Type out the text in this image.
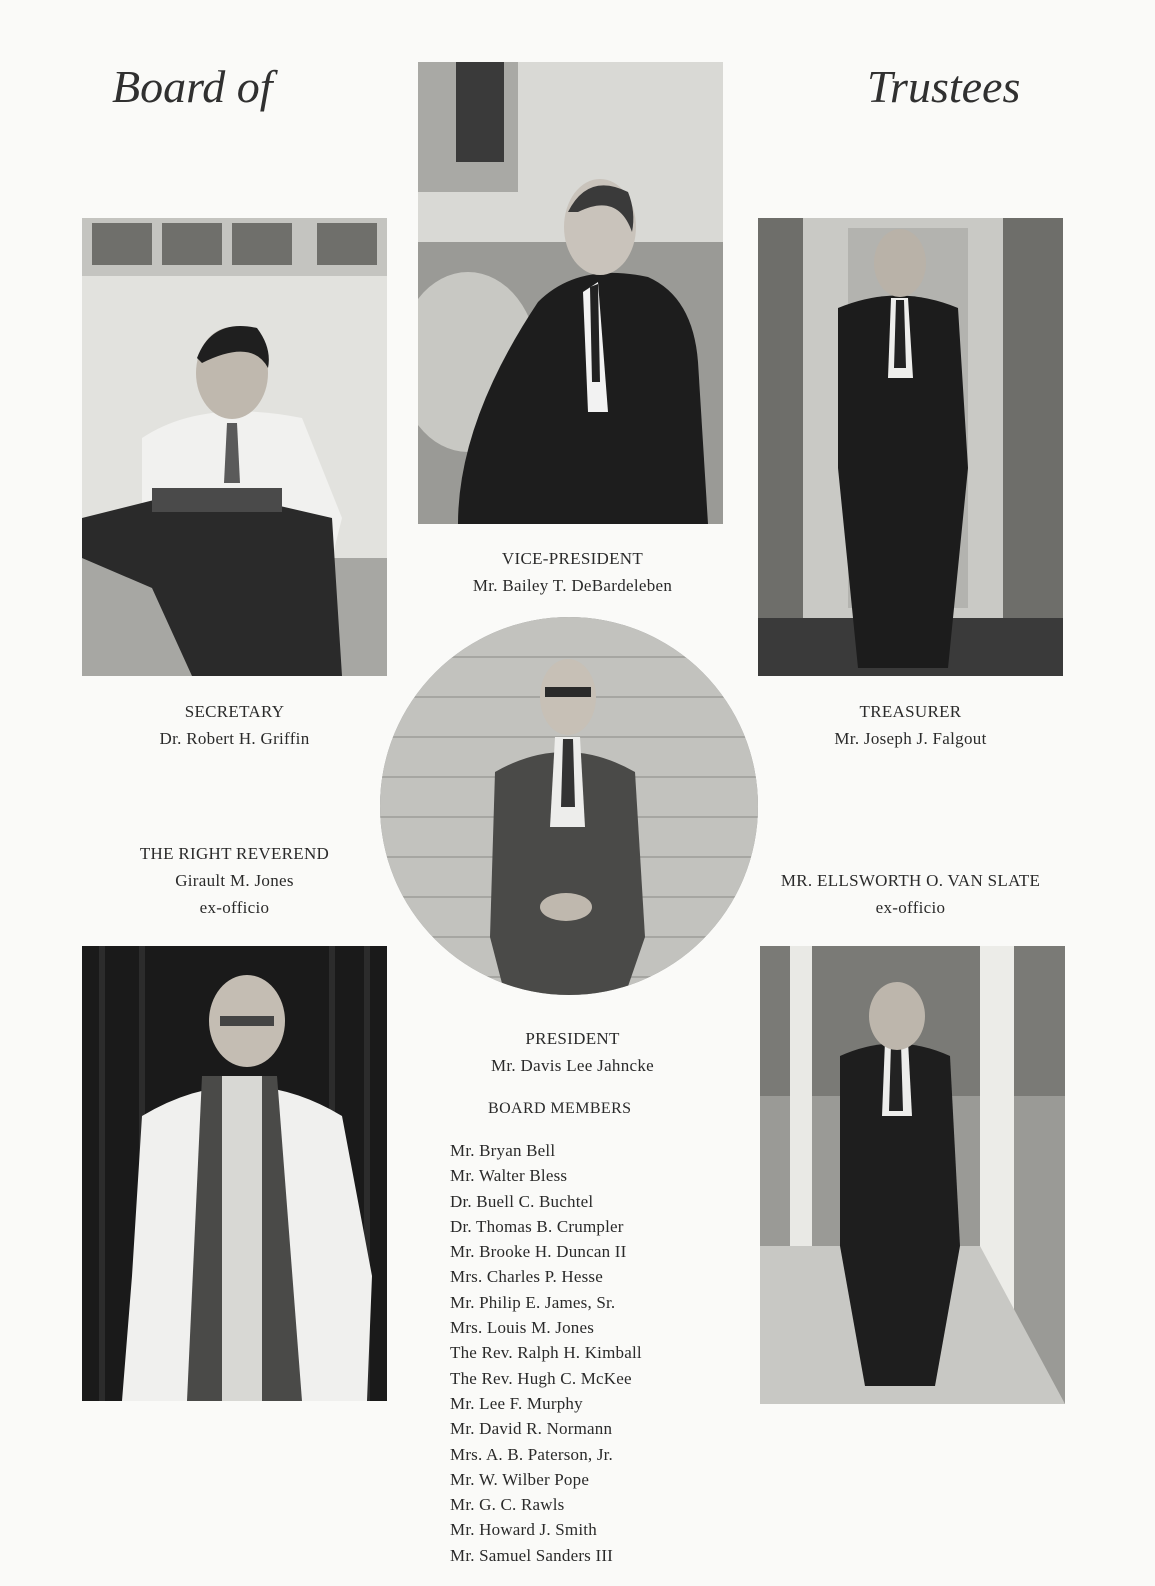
Board of	Trustees
VICE-PRESIDENT
Mr. Bailey T. DeBardeleben
SECRETARY
Dr. Robert H. Griffin
TREASURER
Mr. Joseph J. Falgout
THE RIGHT REVEREND
Girault M. Jones
ex-officio
MR. ELLSWORTH O. VAN SLATE
ex-officio
PRESIDENT
Mr. Davis Lee Jahncke
BOARD MEMBERS
Mr. Bryan Bell
Mr. Walter Bless
Dr. Buell C. Buchtel
Dr. Thomas B. Crumpler
Mr. Brooke H. Duncan II
Mrs. Charles P. Hesse
Mr. Philip E. James, Sr.
Mrs. Louis M. Jones
The Rev. Ralph H. Kimball
The Rev. Hugh C. McKee
Mr. Lee F. Murphy
Mr. David R. Normann
Mrs. A. B. Paterson, Jr.
Mr. W. Wilber Pope
Mr. G. C. Rawls
Mr. Howard J. Smith
Mr. Samuel Sanders III
